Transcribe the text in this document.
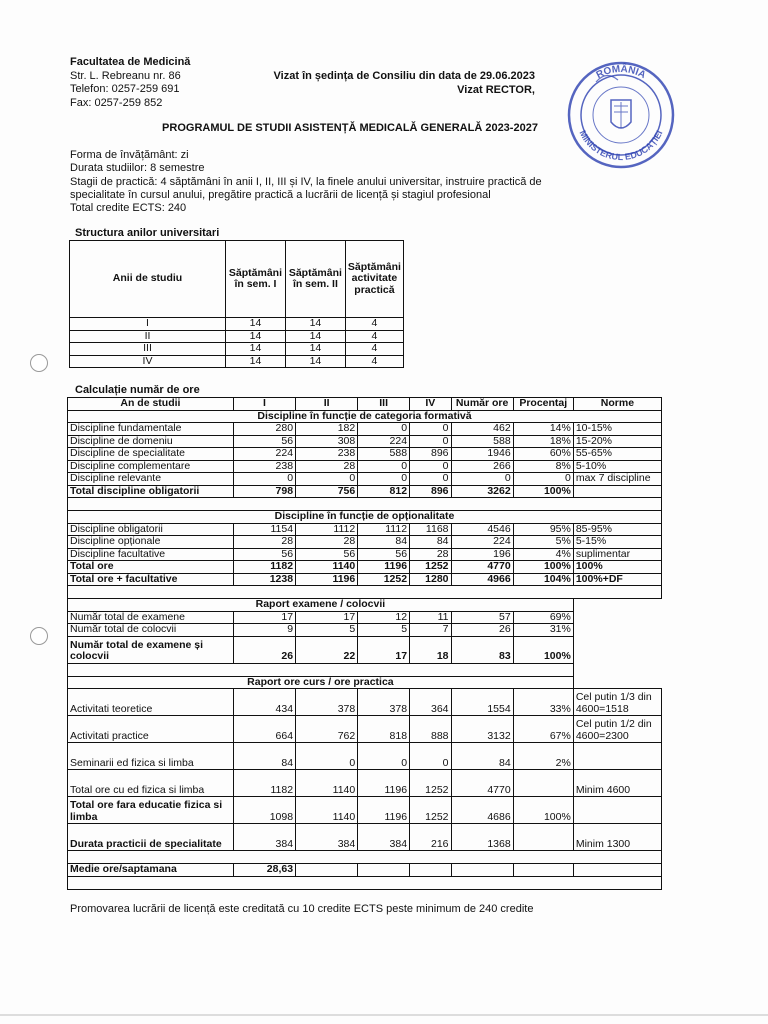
Facultatea de Medicină
Str. L. Rebreanu nr. 86
Telefon: 0257-259 691
Fax: 0257-259 852
Vizat în ședința de Consiliu din data de 29.06.2023
Vizat RECTOR,
ROMÂNIA
MINISTERUL EDUCAȚIEI
PROGRAMUL DE STUDII ASISTENȚĂ MEDICALĂ GENERALĂ 2023-2027
Forma de învățământ: zi
Durata studiilor: 8 semestre
Stagii de practică: 4 săptămâni în anii I, II, III și IV, la finele anului universitar, instruire practică de specialitate în cursul anului, pregătire practică a lucrării de licență și stagiul profesional
Total credite ECTS: 240
Structura anilor universitari
Anii de studiu	Săptămâni în sem. I	Săptămâni în sem. II	Săptămâni activitate practică
I	14	14	4
II	14	14	4
III	14	14	4
IV	14	14	4
Calculație număr de ore
An de studii	I	II	III	IV	Număr ore	Procentaj	Norme
Discipline în funcție de categoria formativă							
Discipline fundamentale	280	182	0	0	462	14%	10-15%
Discipline de domeniu	56	308	224	0	588	18%	15-20%
Discipline de specialitate	224	238	588	896	1946	60%	55-65%
Discipline complementare	238	28	0	0	266	8%	5-10%
Discipline relevante	0	0	0	0	0	0	max 7 discipline
Total discipline obligatorii	798	756	812	896	3262	100%	

Discipline în funcție de opționalitate							
Discipline obligatorii	1154	1112	1112	1168	4546	95%	85-95%
Discipline opționale	28	28	84	84	224	5%	5-15%
Discipline facultative	56	56	56	28	196	4%	suplimentar
Total ore	1182	1140	1196	1252	4770	100%	100%
Total ore + facultative	1238	1196	1252	1280	4966	104%	100%+DF

Raport examene / colocvii							
Număr total de examene	17	17	12	11	57	69%	
Număr total de colocvii	9	5	5	7	26	31%	
Număr total de examene și colocvii	26	22	17	18	83	100%	

Raport ore curs / ore practica							
Activitati teoretice	434	378	378	364	1554	33%	Cel putin 1/3 din 4600=1518
Activitati practice	664	762	818	888	3132	67%	Cel putin 1/2 din 4600=2300
Seminarii ed fizica si limba	84	0	0	0	84	2%	
Total ore cu ed fizica si limba	1182	1140	1196	1252	4770		Minim 4600
Total ore fara educatie fizica si limba	1098	1140	1196	1252	4686	100%	
Durata practicii de specialitate	384	384	384	216	1368		Minim 1300

Medie ore/saptamana	28,63						

Promovarea lucrării de licență este creditată cu 10 credite ECTS peste minimum de 240 credite
